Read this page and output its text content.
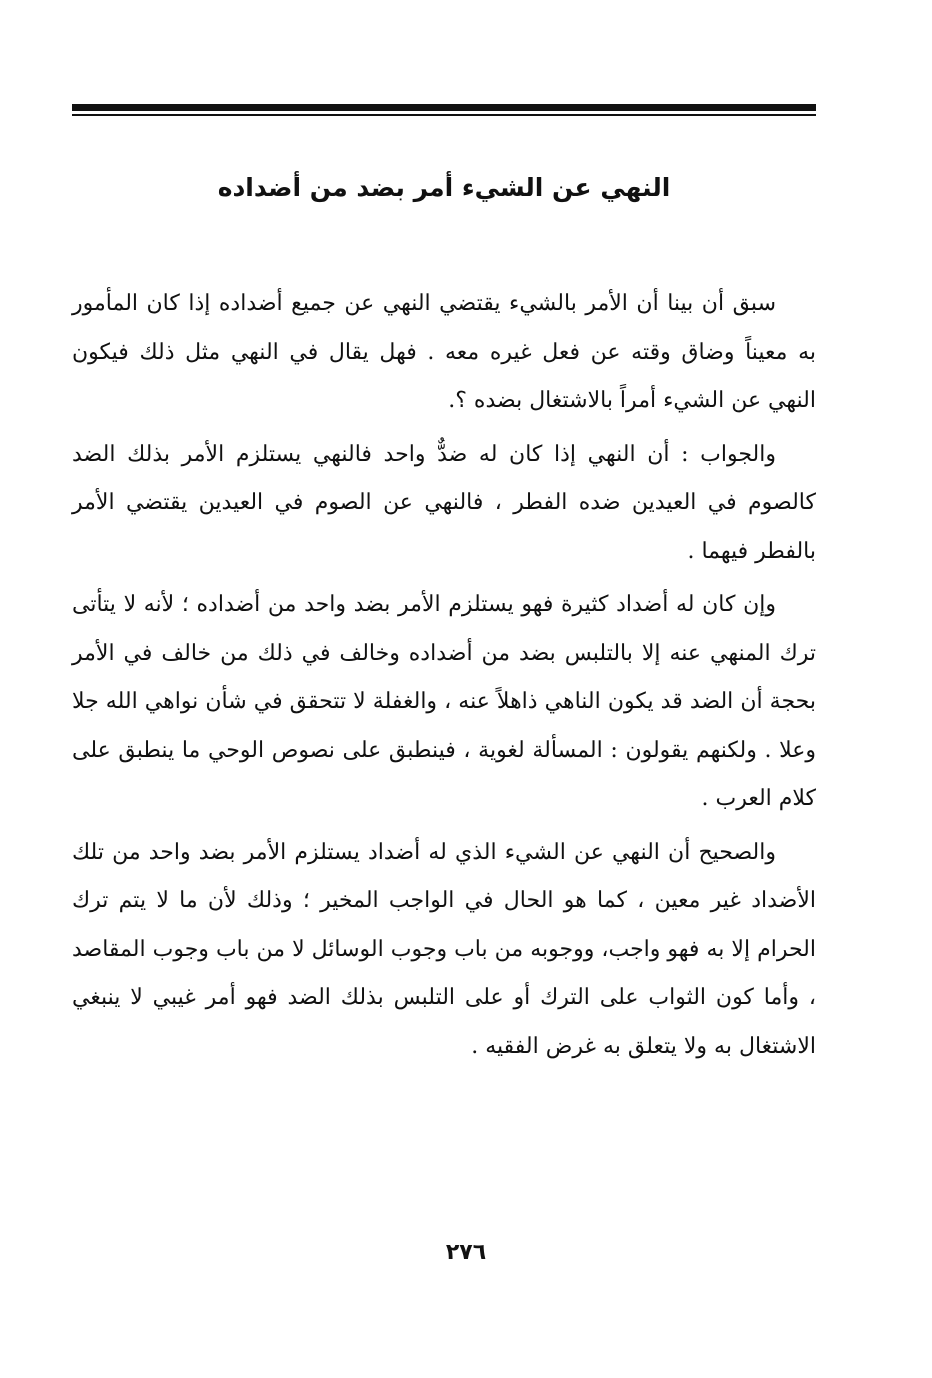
النهي عن الشيء أمر بضد من أضداده

سبق أن بينا أن الأمر بالشيء يقتضي النهي عن جميع أضداده إذا كان المأمور به معيناً وضاق وقته عن فعل غيره معه . فهل يقال في النهي مثل ذلك فيكون النهي عن الشيء أمراً بالاشتغال بضده ؟.

والجواب : أن النهي إذا كان له ضدٌّ واحد فالنهي يستلزم الأمر بذلك الضد كالصوم في العيدين ضده الفطر ، فالنهي عن الصوم في العيدين يقتضي الأمر بالفطر فيهما .

وإن كان له أضداد كثيرة فهو يستلزم الأمر بضد واحد من أضداده ؛ لأنه لا يتأتى ترك المنهي عنه إلا بالتلبس بضد من أضداده وخالف في ذلك من خالف في الأمر بحجة أن الضد قد يكون الناهي ذاهلاً عنه ، والغفلة لا تتحقق في شأن نواهي الله جلا وعلا . ولكنهم يقولون : المسألة لغوية ، فينطبق على نصوص الوحي ما ينطبق على كلام العرب .

والصحيح أن النهي عن الشيء الذي له أضداد يستلزم الأمر بضد واحد من تلك الأضداد غير معين ، كما هو الحال في الواجب المخير ؛ وذلك لأن ما لا يتم ترك الحرام إلا به فهو واجب، ووجوبه من باب وجوب الوسائل لا من باب وجوب المقاصد ، وأما كون الثواب على الترك أو على التلبس بذلك الضد فهو أمر غيبي لا ينبغي الاشتغال به ولا يتعلق به غرض الفقيه .

٢٧٦
